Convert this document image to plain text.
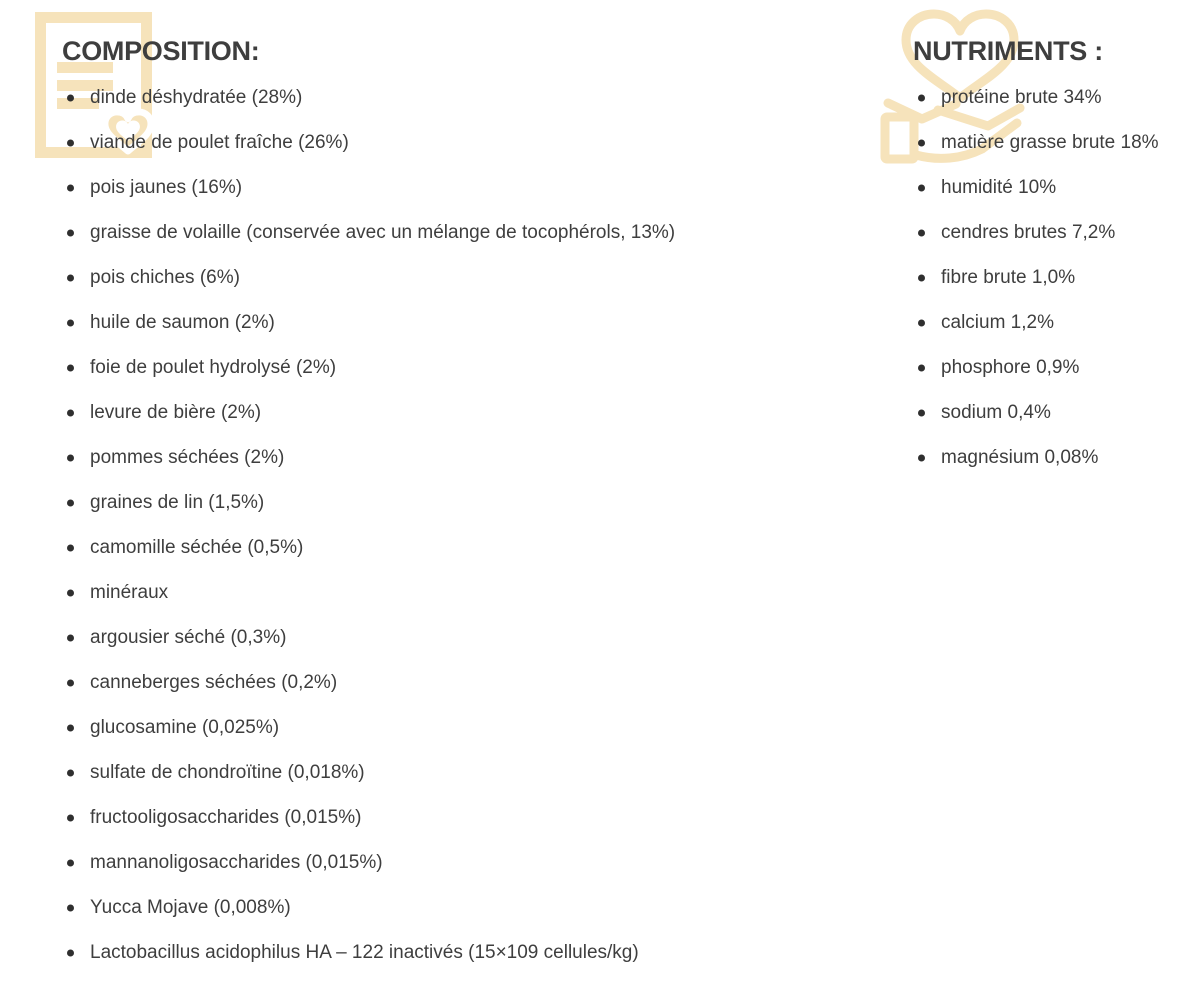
COMPOSITION:
dinde déshydratée (28%)
viande de poulet fraîche (26%)
pois jaunes (16%)
graisse de volaille (conservée avec un mélange de tocophérols, 13%)
pois chiches (6%)
huile de saumon (2%)
foie de poulet hydrolysé (2%)
levure de bière (2%)
pommes séchées (2%)
graines de lin (1,5%)
camomille séchée (0,5%)
minéraux
argousier séché (0,3%)
canneberges séchées (0,2%)
glucosamine (0,025%)
sulfate de chondroïtine (0,018%)
fructooligosaccharides (0,015%)
mannanoligosaccharides (0,015%)
Yucca Mojave (0,008%)
Lactobacillus acidophilus HA – 122 inactivés (15×109 cellules/kg)
NUTRIMENTS :
protéine brute 34%
matière grasse brute 18%
humidité 10%
cendres brutes 7,2%
fibre brute 1,0%
calcium 1,2%
phosphore 0,9%
sodium 0,4%
magnésium 0,08%
